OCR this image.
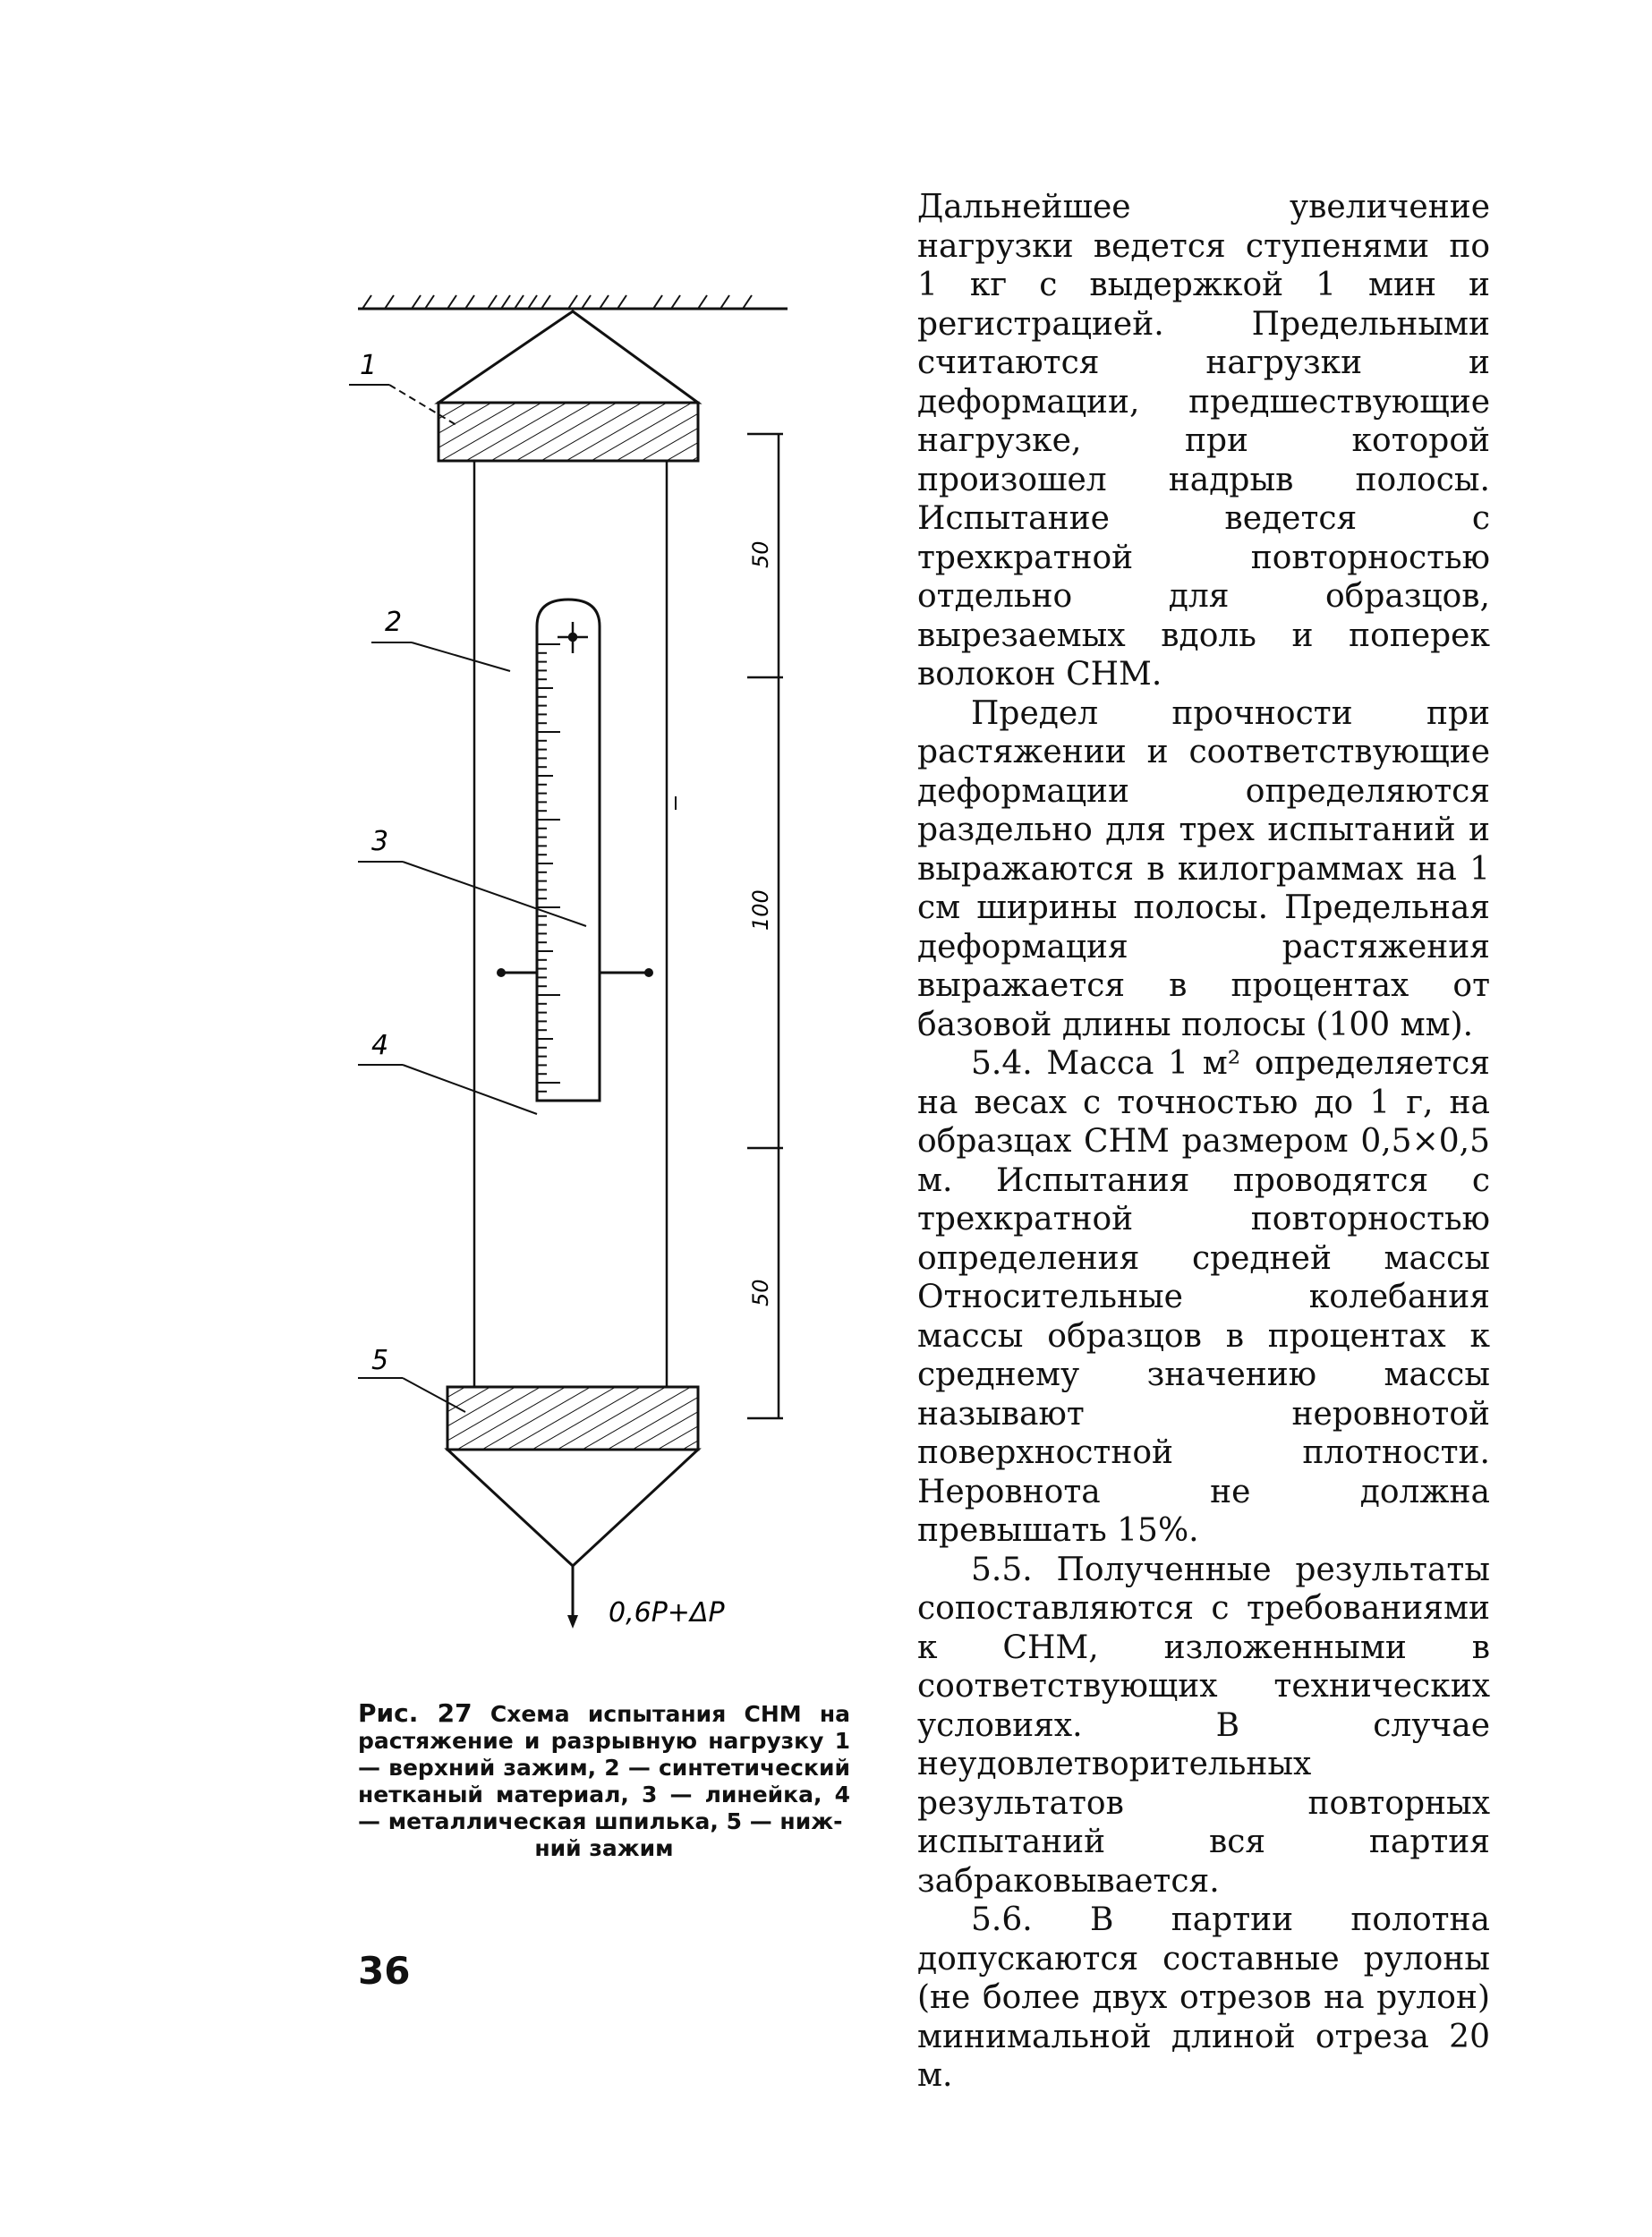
0,6P+ΔP
50
100
50
1
2
3
4
5
Рис. 27 Схема испытания СНМ на растяжение и разрывную нагрузку 1 — верхний зажим, 2 — синтетический нетканый материал, 3 — линейка, 4 — металлическая шпилька, 5 — ниж-
ний зажим

Дальнейшее увеличение нагрузки ведется ступенями по 1 кг с выдержкой 1 мин и регистрацией. Предельными считаются нагрузки и деформации, предшествующие нагрузке, при которой произошел надрыв полосы. Испытание ведется с трехкратной повторностью отдельно для образцов, вырезаемых вдоль и поперек волокон СНМ.

Предел прочности при растяжении и соответствующие деформации определяются раздельно для трех испытаний и выражаются в килограммах на 1 см ширины полосы. Предельная деформация растяжения выражается в процентах от базовой длины полосы (100 мм).

5.4. Масса 1 м² определяется на весах с точностью до 1 г, на образцах СНМ размером 0,5×0,5 м. Испытания проводятся с трехкратной повторностью определения средней массы Относительные колебания массы образцов в процентах к среднему значению массы называют неровнотой поверхностной плотности. Неровнота не должна превышать 15%.

5.5. Полученные результаты сопоставляются с требованиями к СНМ, изложенными в соответствующих технических условиях. В случае неудовлетворительных результатов повторных испытаний вся партия забраковывается.

5.6. В партии полотна допускаются составные рулоны (не более двух отрезов на рулон) минимальной длиной отреза 20 м.

36
